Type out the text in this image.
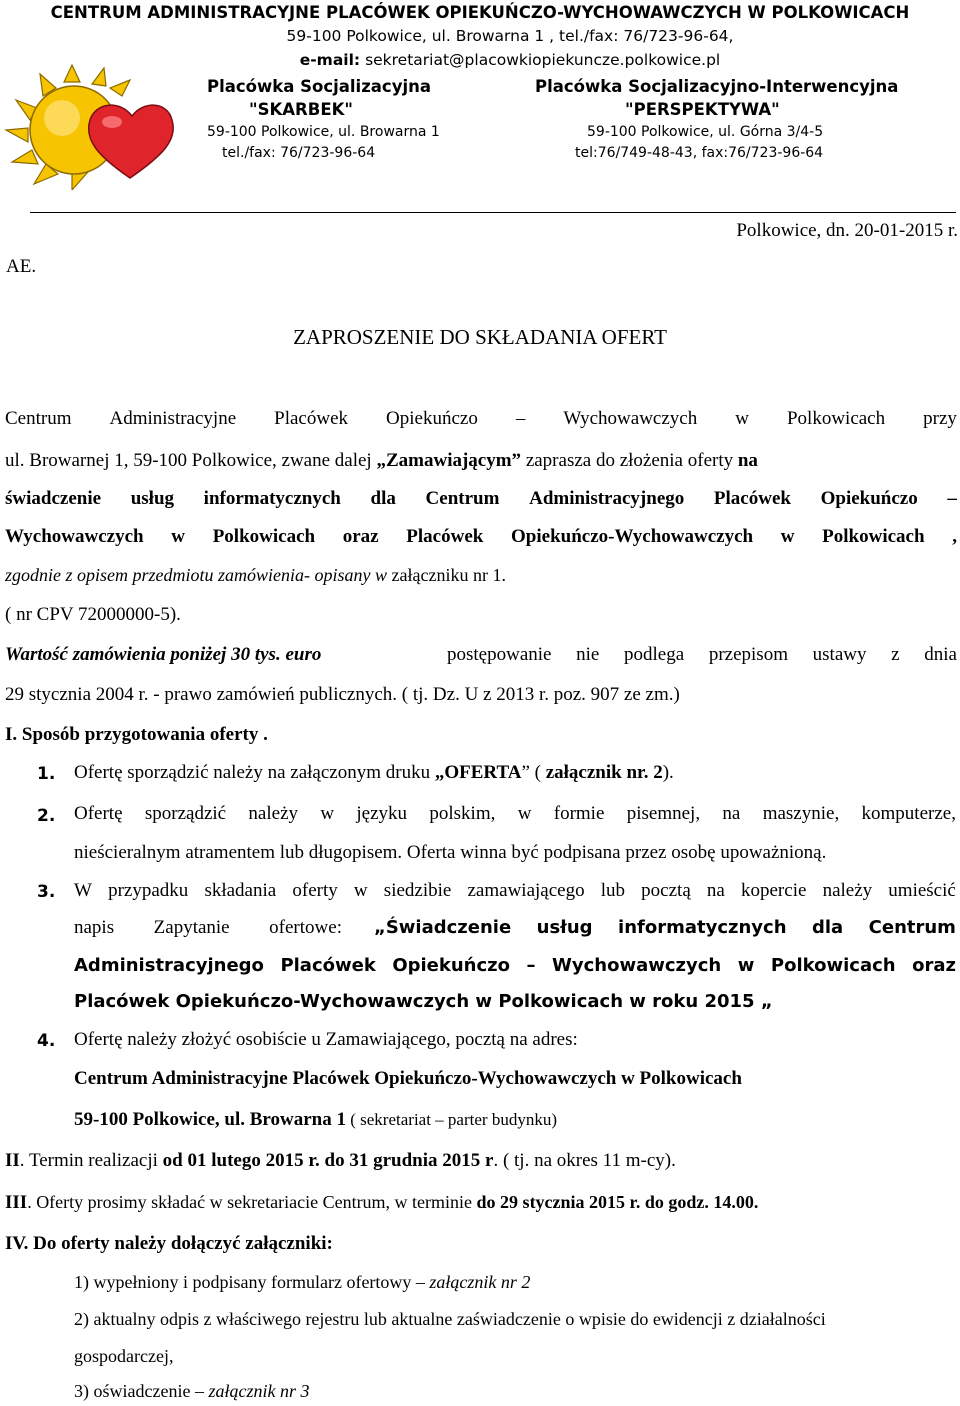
CENTRUM ADMINISTRACYJNE PLACÓWEK OPIEKUŃCZO-WYCHOWAWCZYCH W POLKOWICACH
59-100 Polkowice, ul. Browarna 1 , tel./fax: 76/723-96-64,
e-mail: sekretariat@placowkiopiekuncze.polkowice.pl
Placówka Socjalizacyjna
"SKARBEK"
59-100 Polkowice, ul. Browarna 1
tel./fax: 76/723-96-64
Placówka Socjalizacyjno-Interwencyjna
"PERSPEKTYWA"
59-100 Polkowice, ul. Górna 3/4-5
tel:76/749-48-43, fax:76/723-96-64
Polkowice, dn. 20-01-2015 r.
AE.
ZAPROSZENIE DO SKŁADANIA OFERT
Centrum Administracyjne Placówek Opiekuńczo – Wychowawczych w Polkowicach przy
ul. Browarnej 1, 59-100 Polkowice, zwane dalej „Zamawiającym” zaprasza do złożenia oferty na
świadczenie usług informatycznych dla Centrum Administracyjnego Placówek Opiekuńczo –
Wychowawczych w Polkowicach oraz Placówek Opiekuńczo-Wychowawczych w Polkowicach ,
zgodnie z opisem przedmiotu zamówienia- opisany w załączniku nr 1.
( nr CPV 72000000-5).
Wartość zamówienia poniżej 30 tys. euro	postępowanie nie podlega przepisom ustawy z dnia
29 stycznia 2004 r. - prawo zamówień publicznych. ( tj. Dz. U z 2013 r. poz. 907 ze zm.)
I. Sposób przygotowania oferty .
1. Ofertę sporządzić należy na załączonym druku „OFERTA” ( załącznik nr. 2).
2. Ofertę sporządzić należy w języku polskim, w formie pisemnej, na maszynie, komputerze,
nieścieralnym atramentem lub długopisem. Oferta winna być podpisana przez osobę upoważnioną.
3. W przypadku składania oferty w siedzibie zamawiającego lub pocztą na kopercie należy umieścić
napis Zapytanie ofertowe: „Świadczenie usług informatycznych dla Centrum
Administracyjnego Placówek Opiekuńczo – Wychowawczych w Polkowicach oraz
Placówek Opiekuńczo-Wychowawczych w Polkowicach w roku 2015 „
4. Ofertę należy złożyć osobiście u Zamawiającego, pocztą na adres:
Centrum Administracyjne Placówek Opiekuńczo-Wychowawczych w Polkowicach
59-100 Polkowice, ul. Browarna 1 ( sekretariat – parter budynku)
II. Termin realizacji od 01 lutego 2015 r. do 31 grudnia 2015 r. ( tj. na okres 11 m-cy).
III. Oferty prosimy składać w sekretariacie Centrum, w terminie do 29 stycznia 2015 r. do godz. 14.00.
IV. Do oferty należy dołączyć załączniki:
1) wypełniony i podpisany formularz ofertowy – załącznik nr 2
2) aktualny odpis z właściwego rejestru lub aktualne zaświadczenie o wpisie do ewidencji z działalności
gospodarczej,
3) oświadczenie – załącznik nr 3
